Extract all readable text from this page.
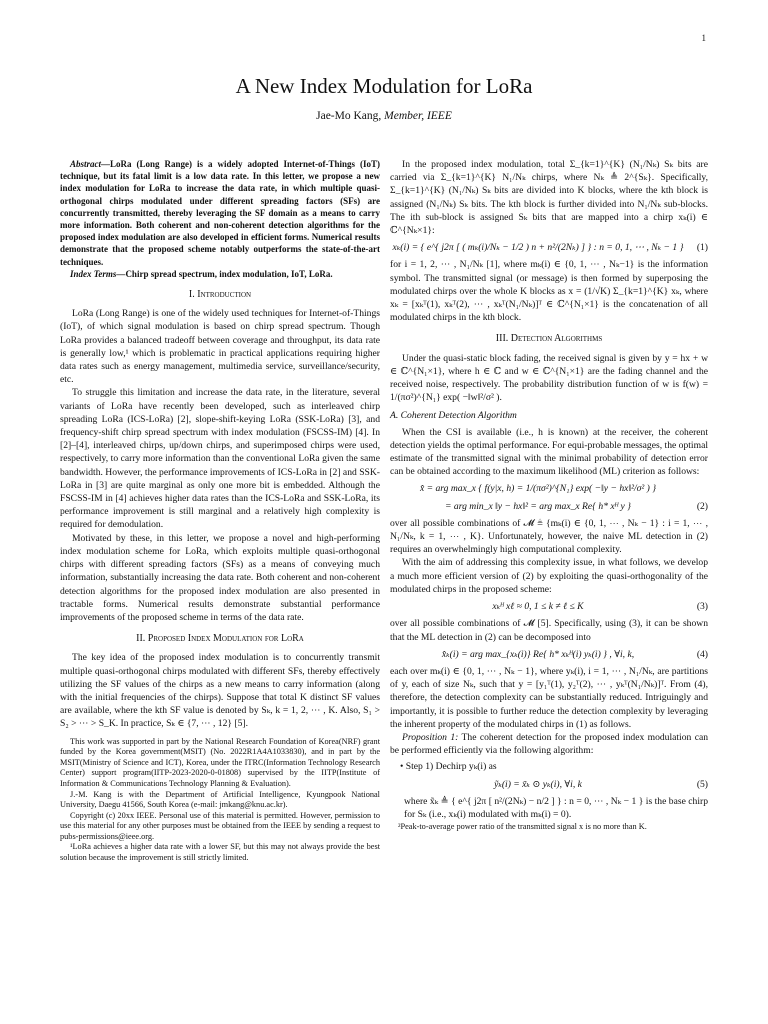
1
A New Index Modulation for LoRa
Jae-Mo Kang, Member, IEEE

Abstract—LoRa (Long Range) is a widely adopted Internet-of-Things (IoT) technique, but its fatal limit is a low data rate. In this letter, we propose a new index modulation for LoRa to increase the data rate, in which multiple quasi-orthogonal chirps modulated under different spreading factors (SFs) are concurrently transmitted, thereby leveraging the SF domain as a means to carry more information. Both coherent and non-coherent detection algorithms for the proposed index modulation are also developed in efficient forms. Numerical results demonstrate that the proposed scheme notably outperforms the state-of-the-art techniques.

Index Terms—Chirp spread spectrum, index modulation, IoT, LoRa.

I. Introduction

LoRa (Long Range) is one of the widely used techniques for Internet-of-Things (IoT), of which signal modulation is based on chirp spread spectrum. Though LoRa provides a balanced tradeoff between coverage and throughput, its data rate is generally low,¹ which is problematic in practical applications requiring higher data rates such as energy management, multimedia service, surveillance/security, etc.

To struggle this limitation and increase the data rate, in the literature, several variants of LoRa have recently been developed, such as interleaved chirp spreading LoRa (ICS-LoRa) [2], slope-shift-keying LoRa (SSK-LoRa) [3], and frequency-shift chirp spread spectrum with index modulation (FSCSS-IM) [4]. In [2]–[4], interleaved chirps, up/down chirps, and superimposed chirps were used, respectively, to carry more information than the conventional LoRa given the same bandwidth. However, the performance improvements of ICS-LoRa in [2] and SSK-LoRa in [3] are quite marginal as only one more bit is embedded. Although the FSCSS-IM in [4] achieves higher data rates than the ICS-LoRa and SSK-LoRa, its performance improvement is still marginal and a relatively high complexity is required for demodulation.

Motivated by these, in this letter, we propose a novel and high-performing index modulation scheme for LoRa, which exploits multiple quasi-orthogonal chirps with different spreading factors (SFs) as a means of conveying much information, substantially increasing the data rate. Both coherent and non-coherent detection algorithms for the proposed index modulation are also presented in tractable forms. Numerical results demonstrate substantial performance improvements of the proposed scheme in terms of the data rate.

II. Proposed Index Modulation for LoRa

The key idea of the proposed index modulation is to concurrently transmit multiple quasi-orthogonal chirps modulated with different SFs, thereby effectively utilizing the SF values of the chirps as a new means to carry information (along with the initial frequencies of the chirps). Suppose that total K distinct SF values are available, where the kth SF value is denoted by Sₖ, k = 1, 2, ⋯ , K. Also, S₁ > S₂ > ⋯ > S_K. In practice, Sₖ ∈ {7, ⋯ , 12} [5].

This work was supported in part by the National Research Foundation of Korea(NRF) grant funded by the Korea government(MSIT) (No. 2022R1A4A1033830), and in part by the MSIT(Ministry of Science and ICT), Korea, under the ITRC(Information Technology Research Center) support program(IITP-2023-2020-0-01808) supervised by the IITP(Institute of Information & Communications Technology Planning & Evaluation).

J.-M. Kang is with the Department of Artificial Intelligence, Kyungpook National University, Daegu 41566, South Korea (e-mail: jmkang@knu.ac.kr).

Copyright (c) 20xx IEEE. Personal use of this material is permitted. However, permission to use this material for any other purposes must be obtained from the IEEE by sending a request to pubs-permissions@ieee.org.

¹LoRa achieves a higher data rate with a lower SF, but this may not always provide the best solution because the improvement is still strictly limited.

In the proposed index modulation, total Σ_{k=1}^{K} (N₁/Nₖ) Sₖ bits are carried via Σ_{k=1}^{K} N₁/Nₖ chirps, where Nₖ ≜ 2^{Sₖ}. Specifically, Σ_{k=1}^{K} (N₁/Nₖ) Sₖ bits are divided into K blocks, where the kth block is assigned (N₁/Nₖ) Sₖ bits. The kth block is further divided into N₁/Nₖ sub-blocks. The ith sub-block is assigned Sₖ bits that are mapped into a chirp xₖ(i) ∈ ℂ^{Nₖ×1}:

xₖ(i) = { e^{ j2π [ ( mₖ(i)/Nₖ − 1/2 ) n + n²/(2Nₖ) ] } : n = 0, 1, ⋯ , Nₖ − 1 }	(1)

for i = 1, 2, ⋯ , N₁/Nₖ [1], where mₖ(i) ∈ {0, 1, ⋯ , Nₖ−1} is the information symbol. The transmitted signal (or message) is then formed by superposing the modulated chirps over the whole K blocks as x = (1/√K) Σ_{k=1}^{K} xₖ, where xₖ = [xₖᵀ(1), xₖᵀ(2), ⋯ , xₖᵀ(N₁/Nₖ)]ᵀ ∈ ℂ^{N₁×1} is the concatenation of all modulated chirps in the kth block.

III. Detection Algorithms

Under the quasi-static block fading, the received signal is given by y = hx + w ∈ ℂ^{N₁×1}, where h ∈ ℂ and w ∈ ℂ^{N₁×1} are the fading channel and the received noise, respectively. The probability distribution function of w is f(w) = 1/(πσ²)^{N₁} exp( −‖w‖²/σ² ).

A. Coherent Detection Algorithm

When the CSI is available (i.e., h is known) at the receiver, the coherent detection yields the optimal performance. For equi-probable messages, the optimal estimate of the transmitted signal with the minimal probability of detection error can be obtained according to the maximum likelihood (ML) criterion as follows:

x̂ = arg max_x { f(y|x, h) = 1/(πσ²)^{N₁} exp( −‖y − hx‖²/σ² ) }
= arg min_x ‖y − hx‖² = arg max_x Re{ h* xᴴ y }	(2)

over all possible combinations of 𝓜 ≜ {mₖ(i) ∈ {0, 1, ⋯ , Nₖ − 1} : i = 1, ⋯ , N₁/Nₖ, k = 1, ⋯ , K}. Unfortunately, however, the naive ML detection in (2) requires an overwhelmingly high computational complexity.

With the aim of addressing this complexity issue, in what follows, we develop a much more efficient version of (2) by exploiting the quasi-orthogonality of the modulated chirps in the proposed scheme:

xₖᴴ xℓ ≈ 0, 1 ≤ k ≠ ℓ ≤ K	(3)

over all possible combinations of 𝓜 [5]. Specifically, using (3), it can be shown that the ML detection in (2) can be decomposed into

x̂ₖ(i) = arg max_{xₖ(i)} Re{ h* xₖᴴ(i) yₖ(i) } , ∀i, k,	(4)

each over mₖ(i) ∈ {0, 1, ⋯ , Nₖ − 1}, where yₖ(i), i = 1, ⋯ , N₁/Nₖ, are partitions of y, each of size Nₖ, such that y = [y₁ᵀ(1), y₂ᵀ(2), ⋯ , yₖᵀ(N₁/Nₖ)]ᵀ. From (4), therefore, the detection complexity can be substantially reduced. Intriguingly and importantly, it is possible to further reduce the detection complexity by leveraging the inherent property of the modulated chirps in (1) as follows.

Proposition 1: The coherent detection for the proposed index modulation can be performed efficiently via the following algorithm:

• Step 1) Dechirp yₖ(i) as
ỹₖ(i) = x̃ₖ ⊙ yₖ(i), ∀i, k	(5)

where x̃ₖ ≜ { e^{ j2π [ n²/(2Nₖ) − n/2 ] } : n = 0, ⋯ , Nₖ − 1 } is the base chirp for Sₖ (i.e., xₖ(i) modulated with mₖ(i) = 0).

²Peak-to-average power ratio of the transmitted signal x is no more than K.
